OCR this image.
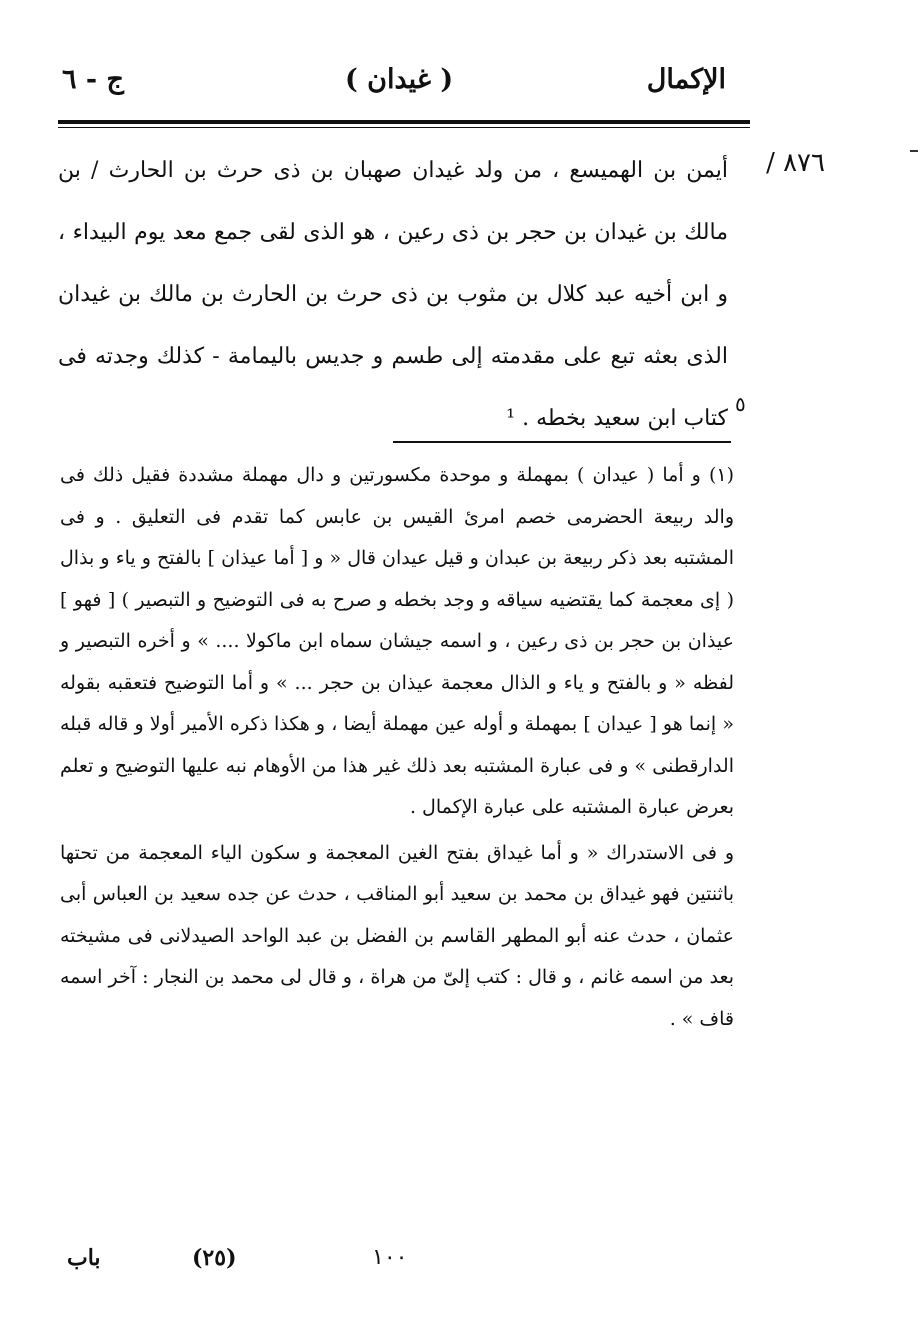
الإكمال
( غيدان )
ج - ٦
٨٧٦ /

أيمن بن الهميسع ، من ولد غيدان صهبان بن ذى حرث بن الحارث / بن مالك بن غيدان بن حجر بن ذى رعين ، هو الذى لقى جمع معد يوم البيداء ، و ابن أخيه عبد كلال بن مثوب بن ذى حرث بن الحارث بن مالك بن غيدان الذى بعثه تبع على مقدمته إلى طسم و جديس باليمامة - كذلك وجدته فى كتاب ابن سعيد بخطه . ¹

٥

(١) و أما ( عيدان ) بمهملة و موحدة مكسورتين و دال مهملة مشددة فقيل ذلك فى والد ربيعة الحضرمى خصم امرئ القيس بن عابس كما تقدم فى التعليق . و فى المشتبه بعد ذكر ربيعة بن عبدان و قيل عيدان قال « و [ أما عيذان ] بالفتح و ياء و بذال ( إى معجمة كما يقتضيه سياقه و وجد بخطه و صرح به فى التوضيح و التبصير ) [ فهو ] عيذان بن حجر بن ذى رعين ، و اسمه جيشان سماه ابن ماكولا .... » و أخره التبصير و لفظه « و بالفتح و ياء و الذال معجمة عيذان بن حجر ... » و أما التوضيح فتعقبه بقوله « إنما هو [ عيدان ] بمهملة و أوله عين مهملة أيضا ، و هكذا ذكره الأمير أولا و قاله قبله الدارقطنى » و فى عبارة المشتبه بعد ذلك غير هذا من الأوهام نبه عليها التوضيح و تعلم بعرض عبارة المشتبه على عبارة الإكمال .

و فى الاستدراك « و أما غيداق بفتح الغين المعجمة و سكون الياء المعجمة من تحتها باثنتين فهو غيداق بن محمد بن سعيد أبو المناقب ، حدث عن جده سعيد بن العباس أبى عثمان ، حدث عنه أبو المطهر القاسم بن الفضل بن عبد الواحد الصيدلانى فى مشيخته بعد من اسمه غانم ، و قال : كتب إلىّ من هراة ، و قال لى محمد بن النجار : آخر اسمه قاف » .

باب	(٢٥)	١٠٠
